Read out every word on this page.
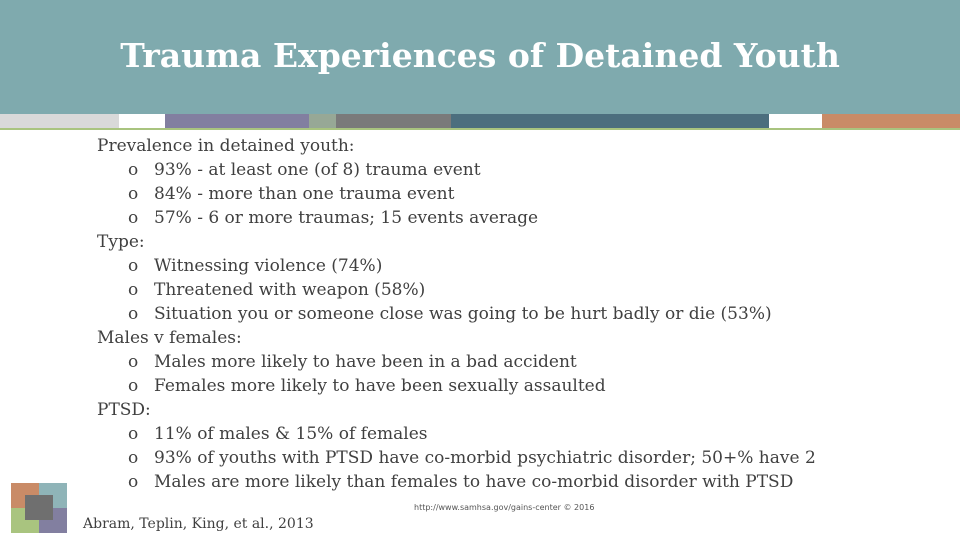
Trauma Experiences of Detained Youth
Prevalence in detained youth:
o 93% - at least one (of 8) trauma event
o 84% - more than one trauma event
o 57% - 6 or more traumas; 15 events average
Type:
o Witnessing violence (74%)
o Threatened with weapon (58%)
o Situation you or someone close was going to be hurt badly or die (53%)
Males v females:
o Males more likely to have been in a bad accident
o Females more likely to have been sexually assaulted
PTSD:
o 11% of males & 15% of females
o 93% of youths with PTSD have co-morbid psychiatric disorder; 50+% have 2
o Males are more likely than females to have co-morbid disorder with PTSD
http://www.samhsa.gov/gains-center © 2016
Abram, Teplin, King, et al., 2013
